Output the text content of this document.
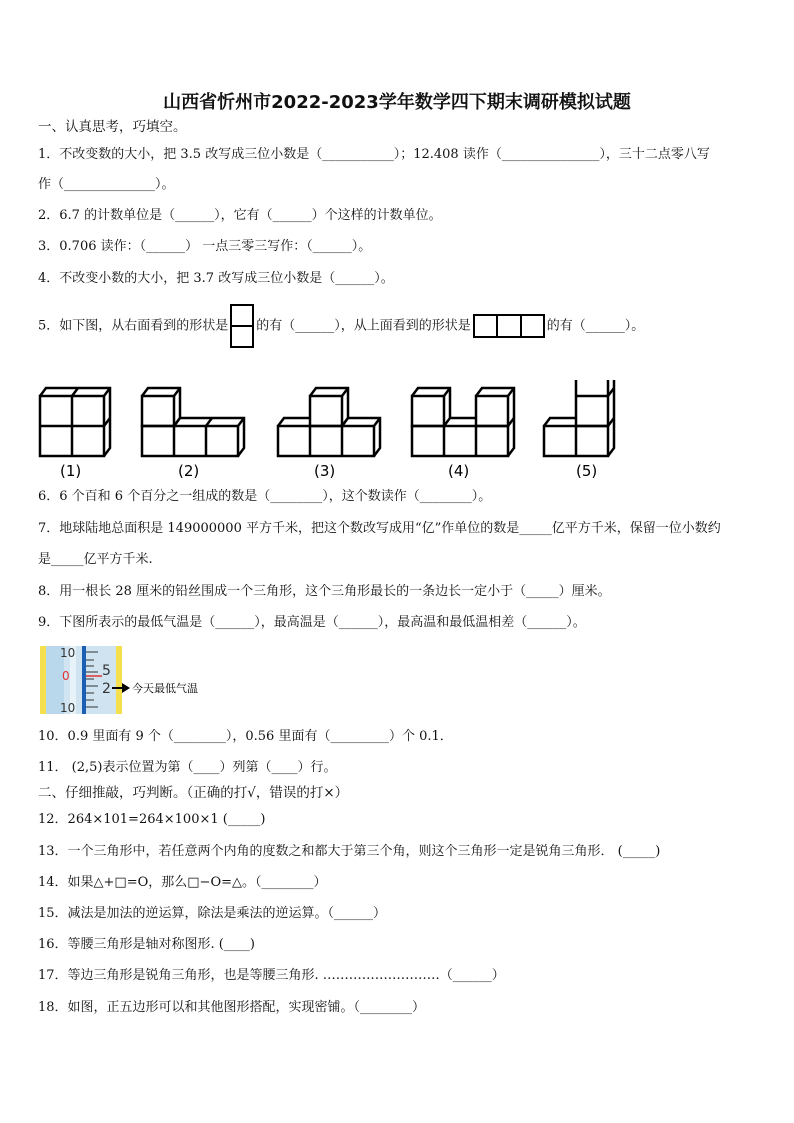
山西省忻州市2022-2023学年数学四下期末调研模拟试题
一、认真思考，巧填空。
1．不改变数的大小，把 3.5 改写成三位小数是（___________）；12.408 读作（_______________），三十二点零八写
作（______________）。
2．6.7 的计数单位是（______），它有（______）个这样的计数单位。
3．0.706 读作：（______） 一点三零三写作：（______）。
4．不改变小数的大小，把 3.7 改写成三位小数是（______）。
5．如下图，从右面看到的形状是 的有（______），从上面看到的形状是	的有（______）。
(1)	(2)	(3)	(4)	(5)
6．6 个百和 6 个百分之一组成的数是（________），这个数读作（________）。
7．地球陆地总面积是 149000000 平方千米，把这个数改写成用“亿”作单位的数是_____亿平方千米，保留一位小数约
是_____亿平方千米.
8．用一根长 28 厘米的铅丝围成一个三角形，这个三角形最长的一条边长一定小于（_____）厘米。
9．下图所表示的最低气温是（______），最高温是（______），最高温和最低温相差（______）。
10
0
10
5
2 今天最低气温
10．0.9 里面有 9 个（________），0.56 里面有（_________）个 0.1．
11． (2,5)表示位置为第（____）列第（____）行。
二、仔细推敲，巧判断。（正确的打√，错误的打×）
12．264×101=264×100×1 (_____)
13．一个三角形中，若任意两个内角的度数之和都大于第三个角，则这个三角形一定是锐角三角形． (_____)
14．如果△+□=O，那么□−O=△。（________）
15．减法是加法的逆运算，除法是乘法的逆运算。（______）
16．等腰三角形是轴对称图形. (____)
17．等边三角形是锐角三角形，也是等腰三角形. ………………………（______）
18．如图，正五边形可以和其他图形搭配，实现密铺。（________）
